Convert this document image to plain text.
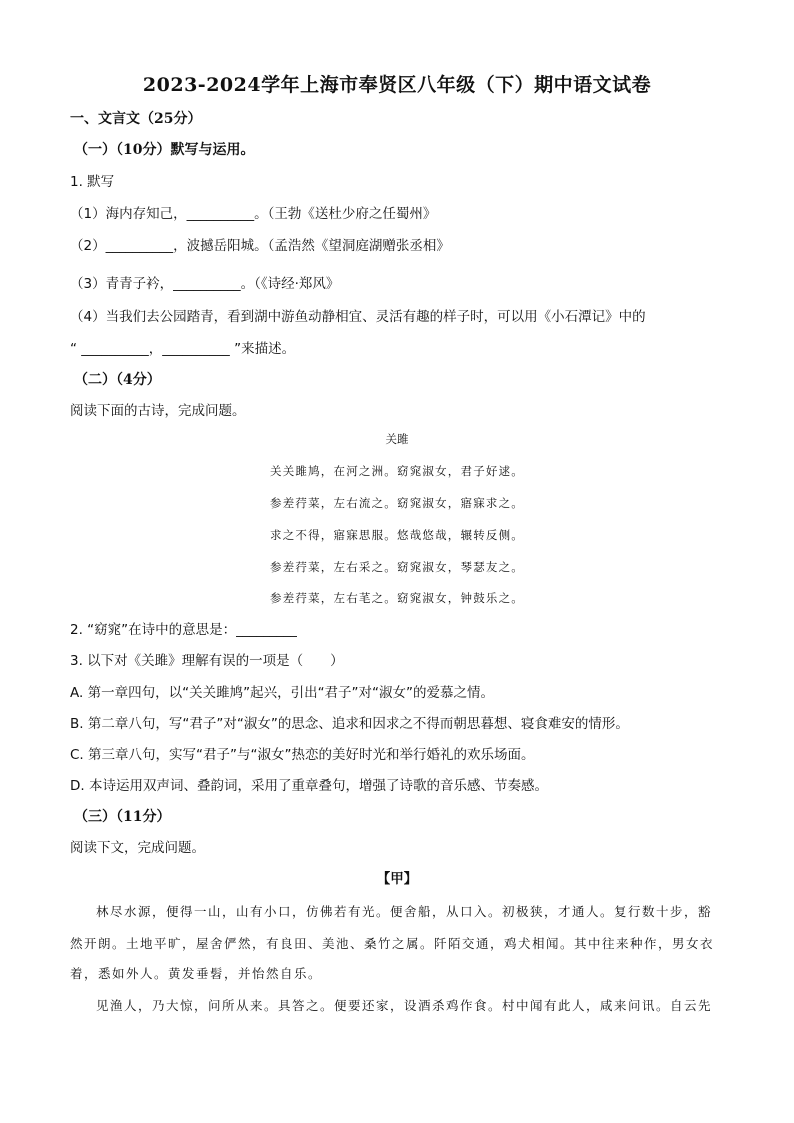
2023-2024学年上海市奉贤区八年级（下）期中语文试卷
一、文言文（25分）
（一）（10分）默写与运用。
1. 默写
（1）海内存知己，__________。（王勃《送杜少府之任蜀州》
（2）__________，波撼岳阳城。（孟浩然《望洞庭湖赠张丞相》
（3）青青子衿，__________。（《诗经·郑风》
（4）当我们去公园踏青，看到湖中游鱼动静相宜、灵活有趣的样子时，可以用《小石潭记》中的
“ __________，__________ ”来描述。
（二）（4分）
阅读下面的古诗，完成问题。
关雎
关关雎鸠，在河之洲。窈窕淑女，君子好逑。
参差荇菜，左右流之。窈窕淑女，寤寐求之。
求之不得，寤寐思服。悠哉悠哉，辗转反侧。
参差荇菜，左右采之。窈窕淑女，琴瑟友之。
参差荇菜，左右芼之。窈窕淑女，钟鼓乐之。
2. “窈窕”在诗中的意思是：_________
3. 以下对《关雎》理解有误的一项是（　　）
A. 第一章四句，以“关关雎鸠”起兴，引出“君子”对“淑女”的爱慕之情。
B. 第二章八句，写“君子”对“淑女”的思念、追求和因求之不得而朝思暮想、寝食难安的情形。
C. 第三章八句，实写“君子”与“淑女”热恋的美好时光和举行婚礼的欢乐场面。
D. 本诗运用双声词、叠韵词，采用了重章叠句，增强了诗歌的音乐感、节奏感。
（三）（11分）
阅读下文，完成问题。
【甲】
林尽水源，便得一山，山有小口，仿佛若有光。便舍船，从口入。初极狭，才通人。复行数十步，豁
然开朗。土地平旷，屋舍俨然，有良田、美池、桑竹之属。阡陌交通，鸡犬相闻。其中往来种作，男女衣
着，悉如外人。黄发垂髫，并怡然自乐。
见渔人，乃大惊，问所从来。具答之。便要还家，设酒杀鸡作食。村中闻有此人，咸来问讯。自云先
